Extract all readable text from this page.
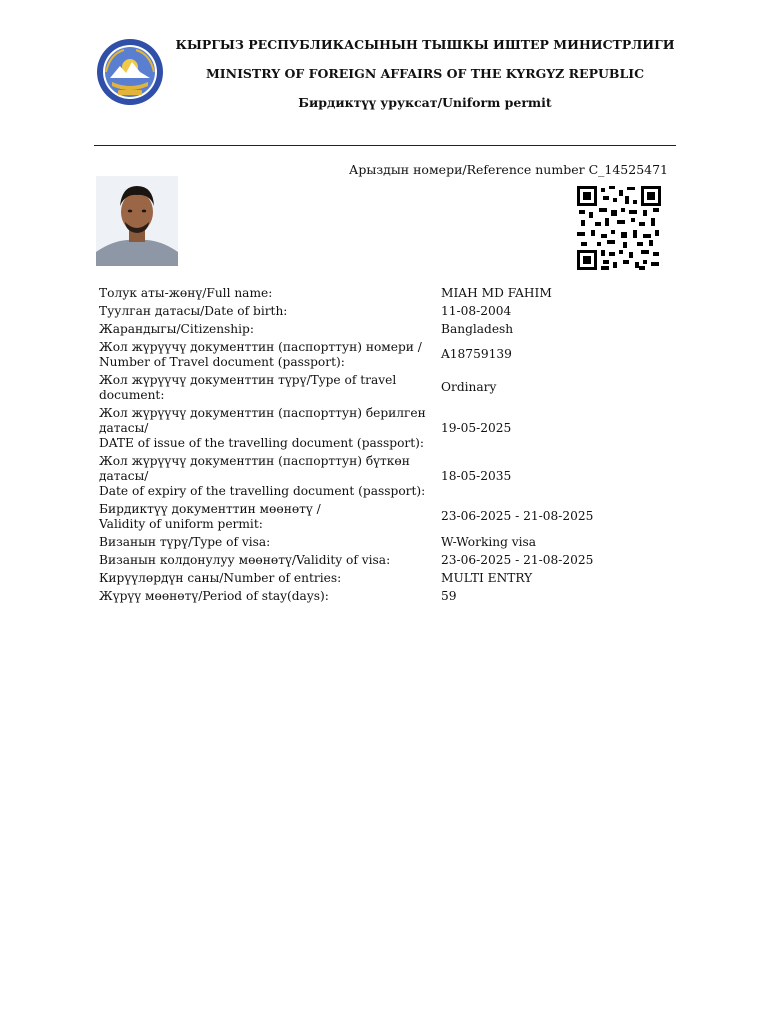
КЫРГЫЗ РЕСПУБЛИКАСЫНЫН ТЫШКЫ ИШТЕР МИНИСТРЛИГИ
MINISTRY OF FOREIGN AFFAIRS OF THE KYRGYZ REPUBLIC
Бирдиктүү уруксат/Uniform permit
Арыздын номери/Reference number C_14525471
Толук аты-жөнү/Full name:	MIAH MD FAHIM
Туулган датасы/Date of birth:	11-08-2004
Жарандыгы/Citizenship:	Bangladesh

Жол жүрүүчү документтин (паспорттун) номери /
Number of Travel document (passport):	A18759139
Жол жүрүүчү документтин түрү/Type of travel document:	Ordinary

Жол жүрүүчү документтин (паспорттун) берилген
датасы/
DATE of issue of the travelling document (passport):	19-05-2025

Жол жүрүүчү документтин (паспорттун) бүткөн датасы/
Date of expiry of the travelling document (passport):	18-05-2035

Бирдиктүү документтин мөөнөтү /
Validity of uniform permit:	23-06-2025 - 21-08-2025
Визанын түрү/Type of visa:	W-Working visa
Визанын колдонулуу мөөнөтү/Validity of visa:	23-06-2025 - 21-08-2025
Кирүүлөрдүн саны/Number of entries:	MULTI ENTRY
Жүрүү мөөнөтү/Period of stay(days):	59
